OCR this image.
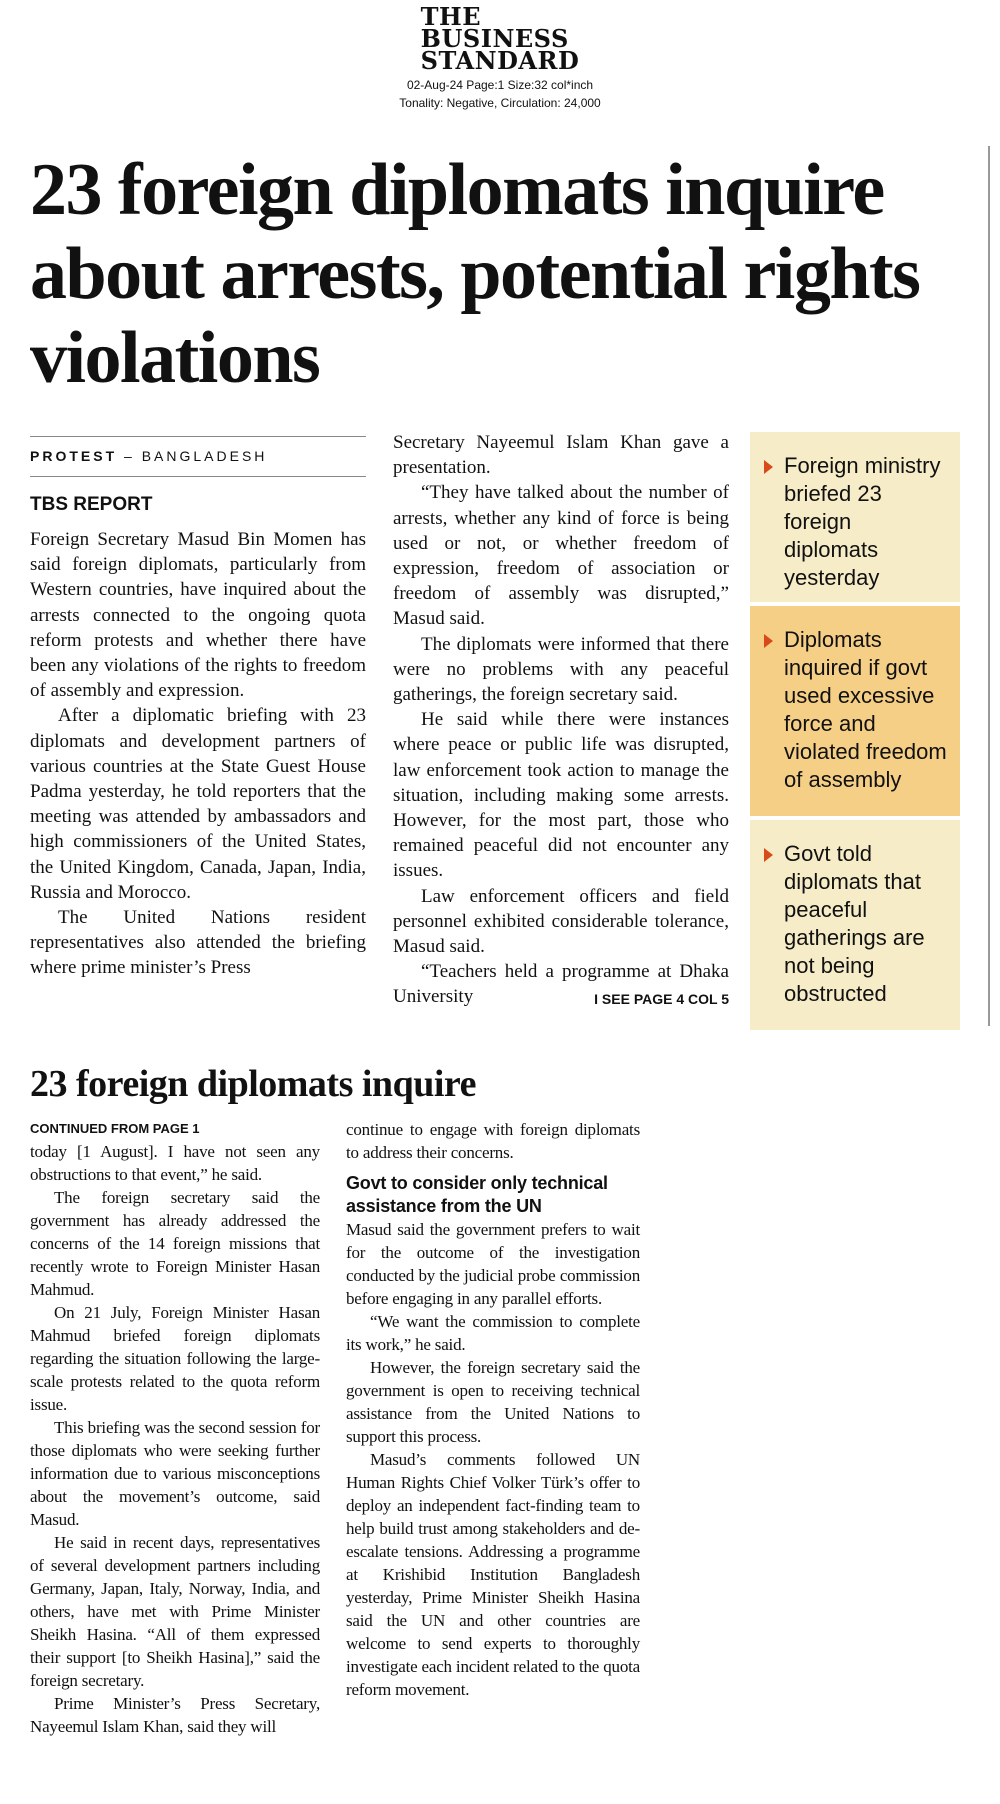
THE
BUSINESS
STANDARD
02-Aug-24 Page:1 Size:32 col*inch
Tonality: Negative, Circulation: 24,000
23 foreign diplomats inquire about arrests, potential rights violations
PROTEST – BANGLADESH
TBS REPORT

Foreign Secretary Masud Bin Momen has said foreign diplomats, particularly from Western countries, have inquired about the arrests connected to the ongoing quota reform protests and whether there have been any violations of the rights to freedom of assembly and expression.

After a diplomatic briefing with 23 diplomats and development partners of various countries at the State Guest House Padma yesterday, he told reporters that the meeting was attended by ambassadors and high commissioners of the United States, the United Kingdom, Canada, Japan, India, Russia and Morocco.

The United Nations resident representatives also attended the briefing where prime minister’s Press

Secretary Nayeemul Islam Khan gave a presentation.

“They have talked about the number of arrests, whether any kind of force is being used or not, or whether freedom of expression, freedom of association or freedom of assembly was disrupted,” Masud said.

The diplomats were informed that there were no problems with any peaceful gatherings, the foreign secretary said.

He said while there were instances where peace or public life was disrupted, law enforcement took action to manage the situation, including making some arrests. However, for the most part, those who remained peaceful did not encounter any issues.

Law enforcement officers and field personnel exhibited considerable tolerance, Masud said.

“Teachers held a programme at Dhaka University	I SEE PAGE 4 COL 5

Foreign ministry briefed 23 foreign diplomats yesterday
Diplomats inquired if govt used excessive force and violated freedom of assembly
Govt told diplomats that peaceful gatherings are not being obstructed
23 foreign diplomats inquire
CONTINUED FROM PAGE 1

today [1 August]. I have not seen any obstructions to that event,” he said.

The foreign secretary said the government has already addressed the concerns of the 14 foreign missions that recently wrote to Foreign Minister Hasan Mahmud.

On 21 July, Foreign Minister Hasan Mahmud briefed foreign diplomats regarding the situation following the large-scale protests related to the quota reform issue.

This briefing was the second session for those diplomats who were seeking further information due to various misconceptions about the movement’s outcome, said Masud.

He said in recent days, representatives of several development partners including Germany, Japan, Italy, Norway, India, and others, have met with Prime Minister Sheikh Hasina. “All of them expressed their support [to Sheikh Hasina],” said the foreign secretary.

Prime Minister’s Press Secretary, Nayeemul Islam Khan, said they will

continue to engage with foreign diplomats to address their concerns.

Govt to consider only technical assistance from the UN

Masud said the government prefers to wait for the outcome of the investigation conducted by the judicial probe commission before engaging in any parallel efforts.

“We want the commission to complete its work,” he said.

However, the foreign secretary said the government is open to receiving technical assistance from the United Nations to support this process.

Masud’s comments followed UN Human Rights Chief Volker Türk’s offer to deploy an independent fact-finding team to help build trust among stakeholders and de-escalate tensions. Addressing a programme at Krishibid Institution Bangladesh yesterday, Prime Minister Sheikh Hasina said the UN and other countries are welcome to send experts to thoroughly investigate each incident related to the quota reform movement.
